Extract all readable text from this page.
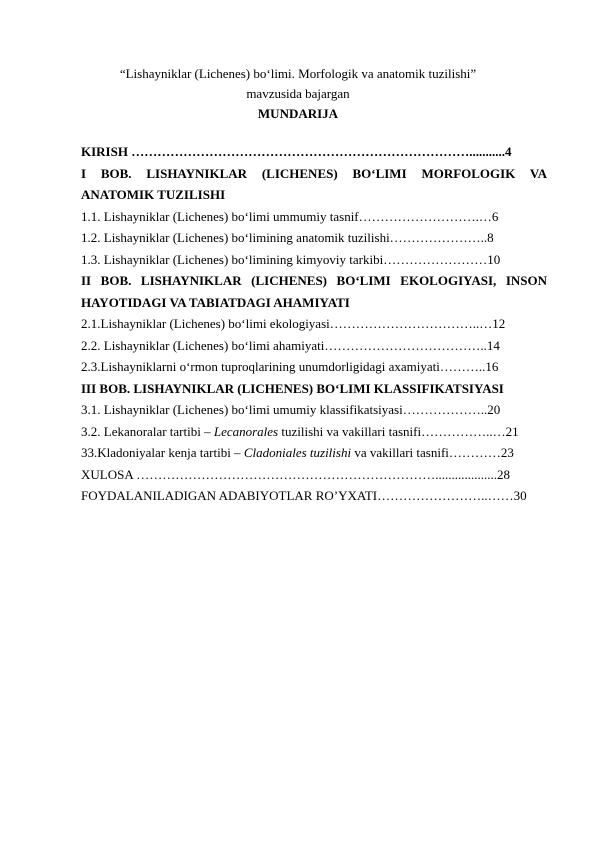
“Lishayniklar (Lichenes) bo‘limi. Morfologik va anatomik tuzilishi”
mavzusida bajargan
MUNDARIJA
KIRISH ……………………………………………………………………...........4
I BOB. LISHAYNIKLAR (LICHENES) BO‘LIMI MORFOLOGIK VA
ANATOMIK TUZILISHI
1.1. Lishayniklar (Lichenes) bo‘limi ummumiy tasnif……………………….…6
1.2. Lishayniklar (Lichenes) bo‘limining anatomik tuzilishi…………………..8
1.3. Lishayniklar (Lichenes) bo‘limining kimyoviy tarkibi……………………10
II BOB. LISHAYNIKLAR (LICHENES) BO‘LIMI EKOLOGIYASI, INSON
HAYOTIDAGI VA TABIATDAGI AHAMIYATI
2.1.Lishayniklar (Lichenes) bo‘limi ekologiyasi……………………………..…12
2.2. Lishayniklar (Lichenes) bo‘limi ahamiyati………………………………..14
2.3.Lishayniklarni o‘rmon tuproqlarining unumdorligidagi axamiyati………..16
III BOB. LISHAYNIKLAR (LICHENES) BO‘LIMI KLASSIFIKATSIYASI
3.1. Lishayniklar (Lichenes) bo‘limi umumiy klassifikatsiyasi………………..20
3.2. Lekanoralar tartibi – Lecanorales tuzilishi va vakillari tasnifi……………..…21
33.Kladoniyalar kenja tartibi – Cladoniales tuzilishi va vakillari tasnifi…………23
XULOSA ……………………………………………………………...................28
FOYDALANILADIGAN ADABIYOTLAR RO’YXATI……………………..……30
